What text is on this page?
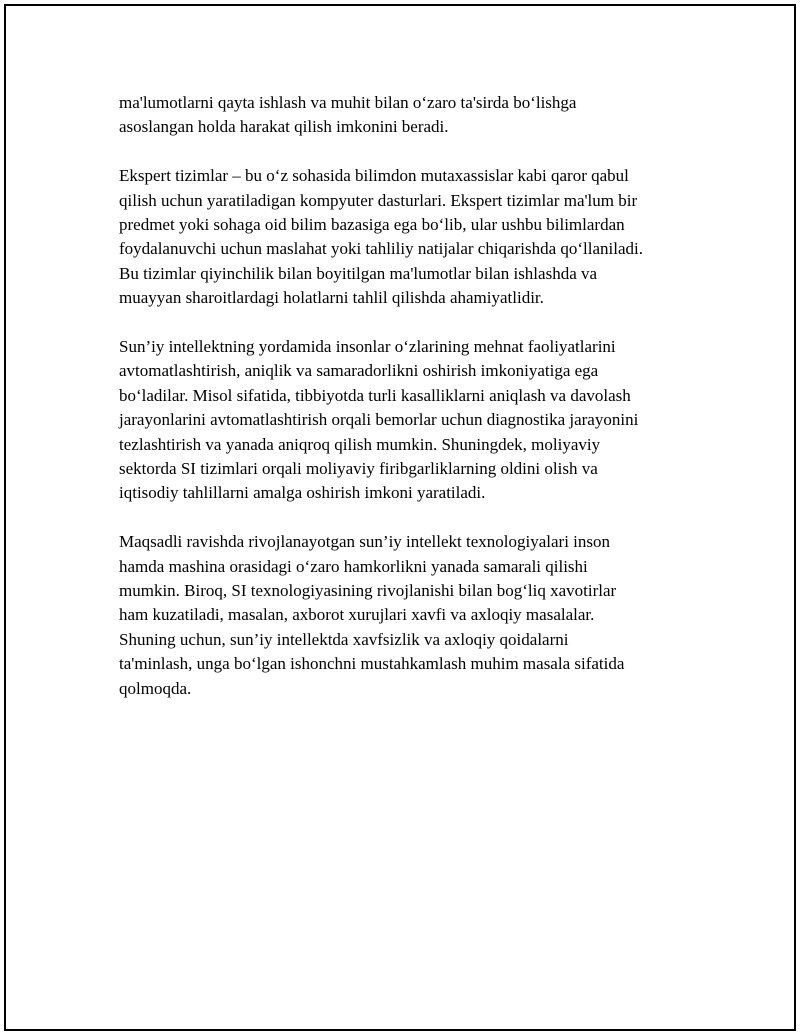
ma'lumotlarni qayta ishlash va muhit bilan oʻzaro ta'sirda boʻlishga
asoslangan holda harakat qilish imkonini beradi.

Ekspert tizimlar – bu oʻz sohasida bilimdon mutaxassislar kabi qaror qabul
qilish uchun yaratiladigan kompyuter dasturlari. Ekspert tizimlar ma'lum bir
predmet yoki sohaga oid bilim bazasiga ega boʻlib, ular ushbu bilimlardan
foydalanuvchi uchun maslahat yoki tahliliy natijalar chiqarishda qoʻllaniladi.
Bu tizimlar qiyinchilik bilan boyitilgan ma'lumotlar bilan ishlashda va
muayyan sharoitlardagi holatlarni tahlil qilishda ahamiyatlidir.

Sun’iy intellektning yordamida insonlar oʻzlarining mehnat faoliyatlarini
avtomatlashtirish, aniqlik va samaradorlikni oshirish imkoniyatiga ega
boʻladilar. Misol sifatida, tibbiyotda turli kasalliklarni aniqlash va davolash
jarayonlarini avtomatlashtirish orqali bemorlar uchun diagnostika jarayonini
tezlashtirish va yanada aniqroq qilish mumkin. Shuningdek, moliyaviy
sektorda SI tizimlari orqali moliyaviy firibgarliklarning oldini olish va
iqtisodiy tahlillarni amalga oshirish imkoni yaratiladi.

Maqsadli ravishda rivojlanayotgan sun’iy intellekt texnologiyalari inson
hamda mashina orasidagi oʻzaro hamkorlikni yanada samarali qilishi
mumkin. Biroq, SI texnologiyasining rivojlanishi bilan bogʻliq xavotirlar
ham kuzatiladi, masalan, axborot xurujlari xavfi va axloqiy masalalar.
Shuning uchun, sun’iy intellektda xavfsizlik va axloqiy qoidalarni
ta'minlash, unga boʻlgan ishonchni mustahkamlash muhim masala sifatida
qolmoqda.
